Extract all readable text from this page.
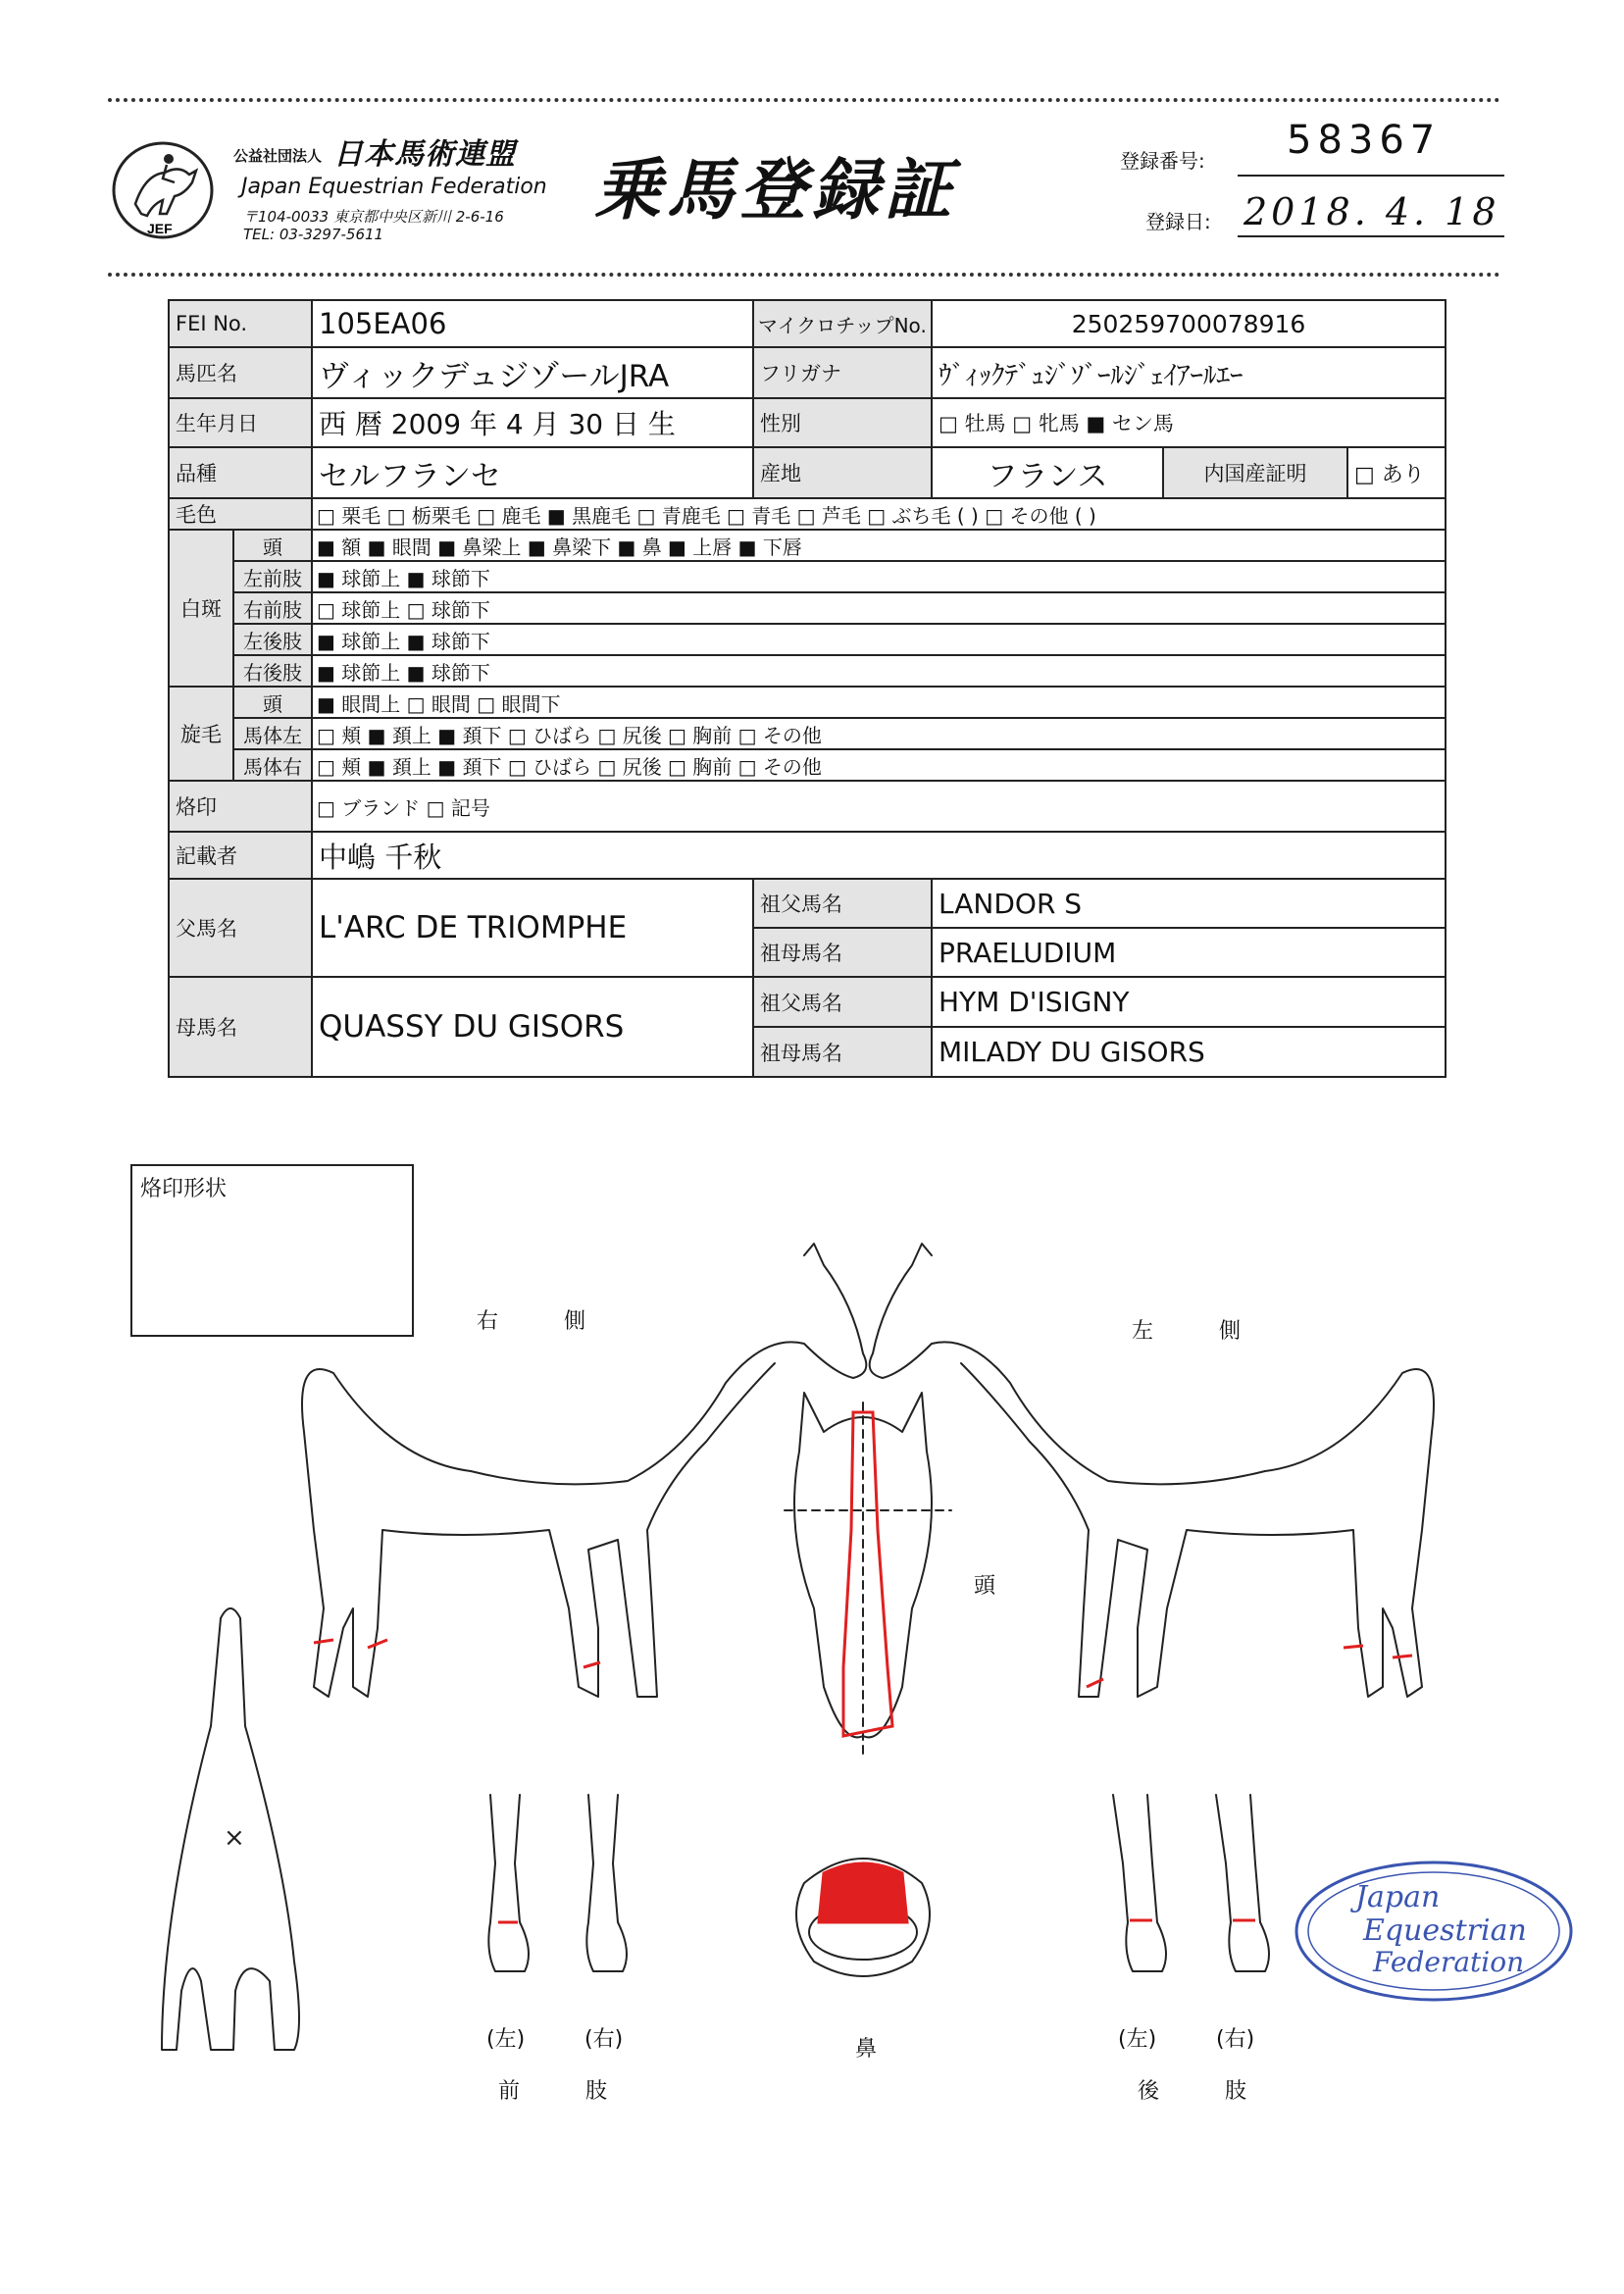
JEF
公益社団法人 日本馬術連盟
Japan Equestrian Federation
〒104-0033 東京都中央区新川 2-6-16
TEL: 03-3297-5611
乗馬登録証	登録番号: 58367
登録日: 2018. 4. 18
FEI No.		105EA06	マイクロチップNo.	250259700078916		
馬匹名		ヴィックデュジゾールJRA	フリガナ	ｳﾞｨｯｸﾃﾞｭｼﾞｿﾞｰﾙｼﾞｪｲｱｰﾙｴｰ		
生年月日		西 暦 2009 年 4 月 30 日 生	性別	□ 牡馬 □ 牝馬 ■ セン馬		
品種		セルフランセ	産地	フランス	内国産証明	□ あり
毛色		□ 栗毛 □ 栃栗毛 □ 鹿毛 ■ 黒鹿毛 □ 青鹿毛 □ 青毛 □ 芦毛 □ ぶち毛 ( ) □ その他 ( )				
白斑	頭	■ 額 ■ 眼間 ■ 鼻梁上 ■ 鼻梁下 ■ 鼻 ■ 上唇 ■ 下唇				
	左前肢	■ 球節上 ■ 球節下				
	右前肢	□ 球節上 □ 球節下				
	左後肢	■ 球節上 ■ 球節下				
	右後肢	■ 球節上 ■ 球節下				
旋毛	頭	■ 眼間上 □ 眼間 □ 眼間下				
	馬体左	□ 頬 ■ 頚上 ■ 頚下 □ ひばら □ 尻後 □ 胸前 □ その他				
	馬体右	□ 頬 ■ 頚上 ■ 頚下 □ ひばら □ 尻後 □ 胸前 □ その他				
烙印		□ ブランド □ 記号				
記載者		中嶋 千秋				
父馬名		L'ARC DE TRIOMPHE	祖父馬名	LANDOR S		
			祖母馬名	PRAELUDIUM		
母馬名		QUASSY DU GISORS	祖父馬名	HYM D'ISIGNY		
			祖母馬名	MILADY DU GISORS		
烙印形状
右 側	左 側
頭
鼻
×
(左)	(右)
前 肢
(左)	(右)
後 肢
Japan
Equestrian
Federation
